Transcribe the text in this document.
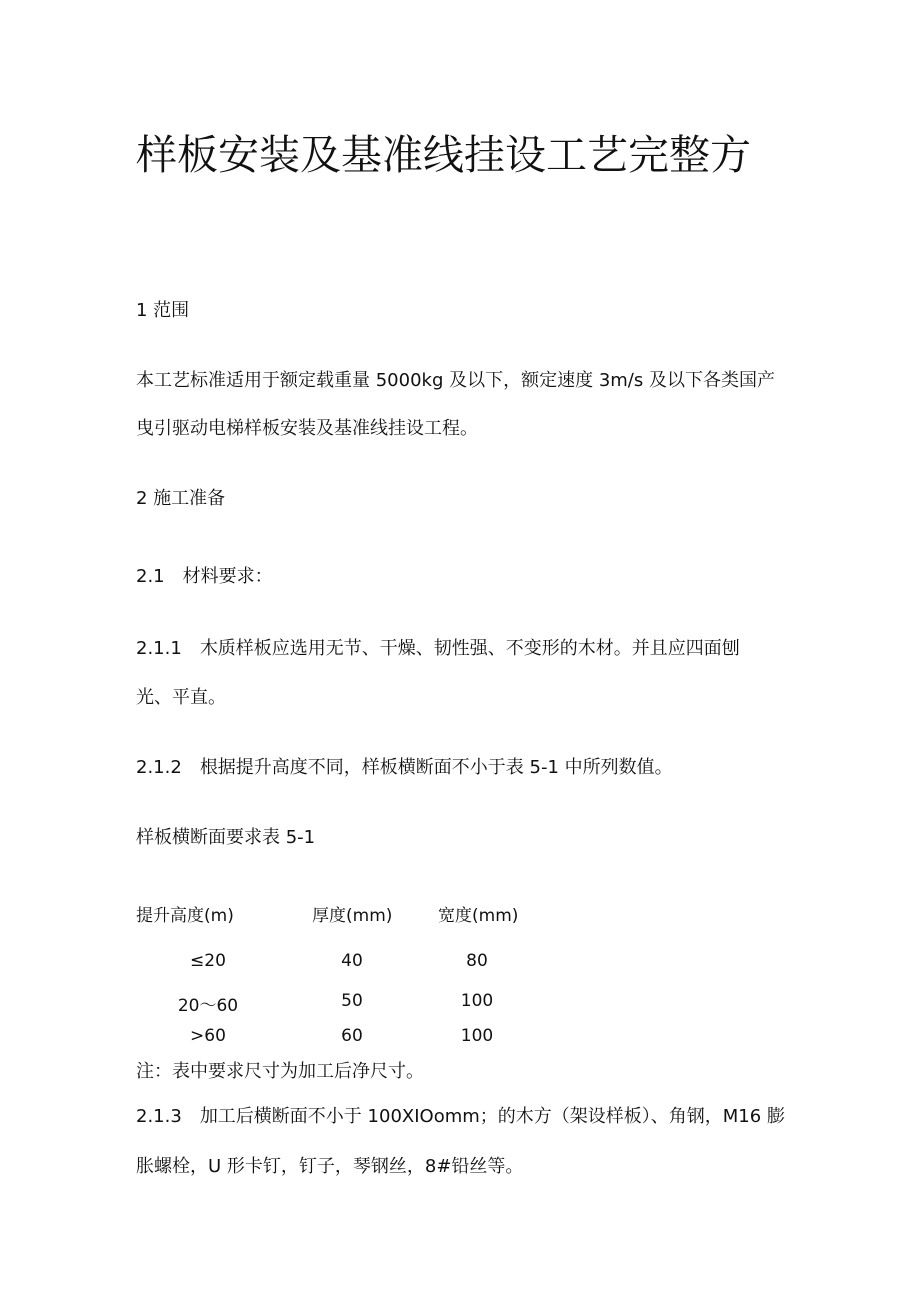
样板安装及基准线挂设工艺完整方
1 范围
本工艺标准适用于额定载重量 5000kg 及以下，额定速度 3m∕s 及以下各类国产
曳引驱动电梯样板安装及基准线挂设工程。
2 施工准备
2.1 材料要求：
2.1.1 木质样板应选用无节、干燥、韧性强、不变形的木材。并且应四面刨
光、平直。
2.1.2 根据提升高度不同，样板横断面不小于表 5-1 中所列数值。
样板横断面要求表 5-1
提升高度(m)	厚度(mm)	宽度(mm)
≤20	40	80
20～60	50	100
>60	60	100
注：表中要求尺寸为加工后净尺寸。
2.1.3 加工后横断面不小于 100XIOomm；的木方（架设样板）、角钢，M16 膨
胀螺栓，U 形卡钉，钉子，琴钢丝，8#铅丝等。
